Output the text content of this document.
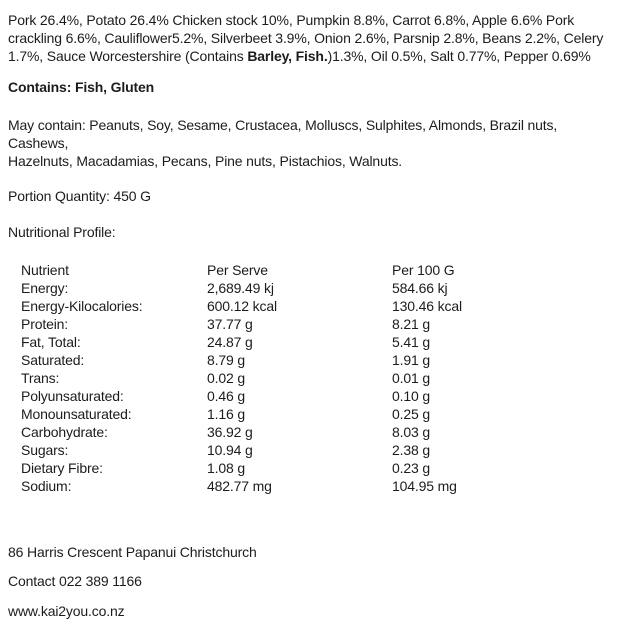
Pork 26.4%, Potato 26.4% Chicken stock 10%, Pumpkin 8.8%, Carrot 6.8%, Apple 6.6% Pork
crackling 6.6%, Cauliflower5.2%, Silverbeet 3.9%, Onion 2.6%, Parsnip 2.8%, Beans 2.2%, Celery
1.7%, Sauce Worcestershire (Contains Barley, Fish.)1.3%, Oil 0.5%, Salt 0.77%, Pepper 0.69%
Contains: Fish, Gluten
May contain: Peanuts, Soy, Sesame, Crustacea, Molluscs, Sulphites, Almonds, Brazil nuts, Cashews,
Hazelnuts, Macadamias, Pecans, Pine nuts, Pistachios, Walnuts.
Portion Quantity: 450 G
Nutritional Profile:
Nutrient	Per Serve	Per 100 G
Energy:	2,689.49 kj	584.66 kj
Energy-Kilocalories:	600.12 kcal	130.46 kcal
Protein:	37.77 g	8.21 g
Fat, Total:	24.87 g	5.41 g
Saturated:	8.79 g	1.91 g
Trans:	0.02 g	0.01 g
Polyunsaturated:	0.46 g	0.10 g
Monounsaturated:	1.16 g	0.25 g
Carbohydrate:	36.92 g	8.03 g
Sugars:	10.94 g	2.38 g
Dietary Fibre:	1.08 g	0.23 g
Sodium:	482.77 mg	104.95 mg
86 Harris Crescent Papanui Christchurch
Contact 022 389 1166
www.kai2you.co.nz
